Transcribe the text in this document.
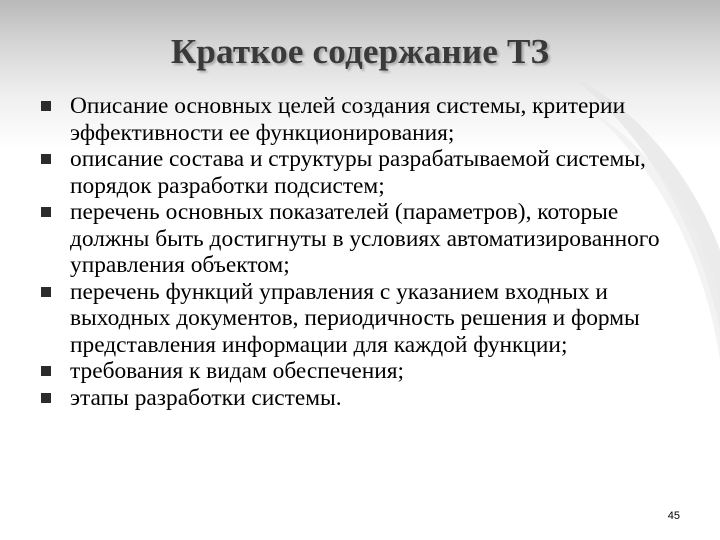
Краткое содержание ТЗ
Описание основных целей создания системы, критерии эффективности ее функционирования;
описание состава и структуры разрабатываемой системы, порядок разработки подсистем;
перечень основных показателей (параметров), которые должны быть достигнуты в условиях автоматизированного управления объектом;
перечень функций управления с указанием входных и выходных документов, периодичность решения и формы представления информации для каждой функции;
требования к видам обеспечения;
этапы разработки системы.
45
